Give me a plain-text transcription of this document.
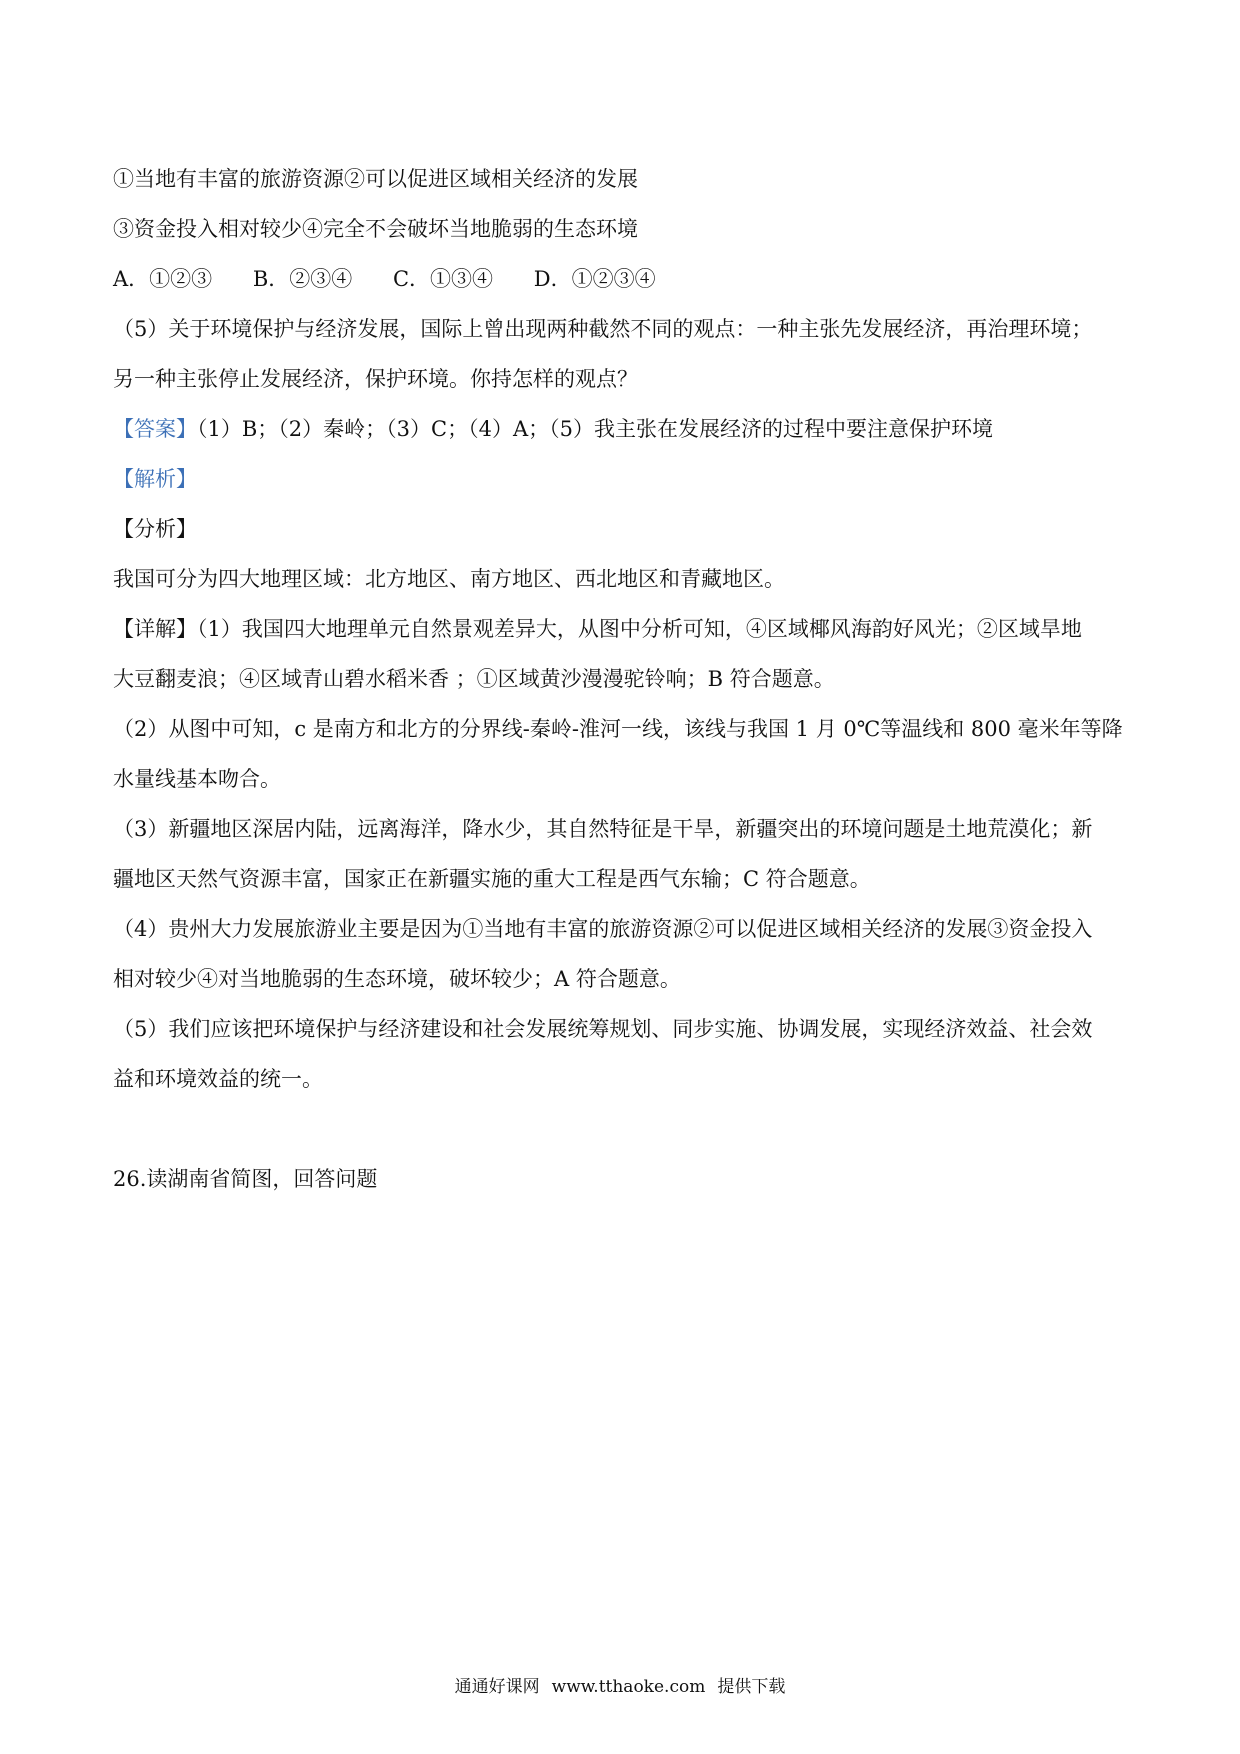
①当地有丰富的旅游资源②可以促进区域相关经济的发展
③资金投入相对较少④完全不会破坏当地脆弱的生态环境
A．①②③ B．②③④ C．①③④ D．①②③④
（5）关于环境保护与经济发展，国际上曾出现两种截然不同的观点：一种主张先发展经济，再治理环境；
另一种主张停止发展经济，保护环境。你持怎样的观点？
【答案】（1）B；（2）秦岭；（3）C；（4）A；（5）我主张在发展经济的过程中要注意保护环境
【解析】
【分析】
我国可分为四大地理区域：北方地区、南方地区、西北地区和青藏地区。
【详解】（1）我国四大地理单元自然景观差异大，从图中分析可知，④区域椰风海韵好风光；②区域旱地
大豆翻麦浪；④区域青山碧水稻米香 ；①区域黄沙漫漫驼铃响；B 符合题意。
（2）从图中可知，c 是南方和北方的分界线-秦岭-淮河一线，该线与我国 1 月 0℃等温线和 800 毫米年等降
水量线基本吻合。
（3）新疆地区深居内陆，远离海洋，降水少，其自然特征是干旱，新疆突出的环境问题是土地荒漠化；新
疆地区天然气资源丰富，国家正在新疆实施的重大工程是西气东输；C 符合题意。
（4）贵州大力发展旅游业主要是因为①当地有丰富的旅游资源②可以促进区域相关经济的发展③资金投入
相对较少④对当地脆弱的生态环境，破坏较少；A 符合题意。
（5）我们应该把环境保护与经济建设和社会发展统筹规划、同步实施、协调发展，实现经济效益、社会效
益和环境效益的统一。
26.读湖南省简图，回答问题
通通好课网 www.tthaoke.com 提供下载
